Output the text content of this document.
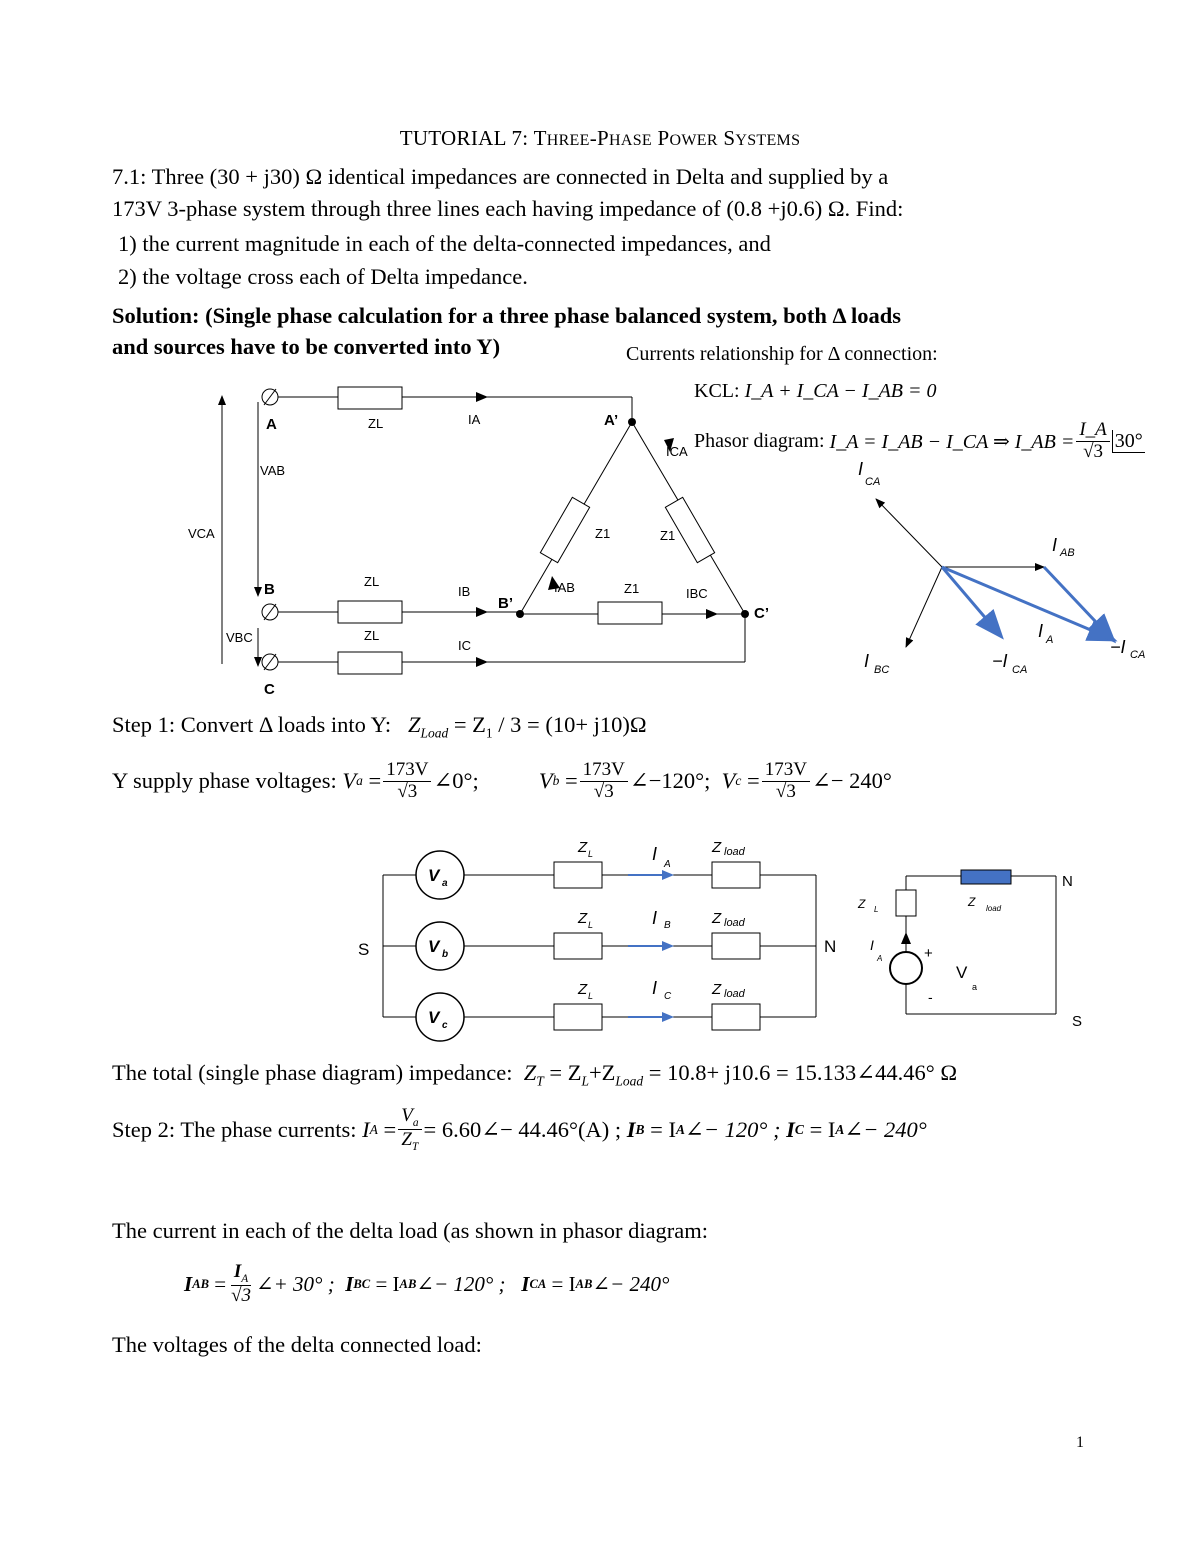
TUTORIAL 7: THREE-PHASE POWER SYSTEMS
7.1: Three (30 + j30) Ω identical impedances are connected in Delta and supplied by a
173V 3-phase system through three lines each having impedance of (0.8 +j0.6) Ω. Find:
1) the current magnitude in each of the delta-connected impedances, and
2) the voltage cross each of Delta impedance.
Solution: (Single phase calculation for a three phase balanced system, both Δ loads
and sources have to be converted into Y)	Currents relationship for Δ connection:
KCL: I_A + I_CA − I_AB = 0
Phasor diagram:
I_A = I_AB − I_CA ⇒ I_AB = $\frac{I\_A}{√3} 30^\circ$
A
B
C
A’
B’
C’
VAB
VCA
VBC
ZL
ZL
ZL
IA
IB
IC
ICA
IAB	IBC
Z1	Z1
Z1
I
CA
I AB
I A
I BC	−I CA
−I CA
Step 1: Convert Δ loads into Y: $Z_{Load} = Z_1 / 3 = (10+ j10)\Omega$
Y supply phase voltages:
V $a = \frac{173V}{√3}$ ∠0°;	V $b = \frac{173V}{√3}$ ∠−120°;
V $c = \frac{173V}{√3}$ ∠− 240°
S	N
V a
V b
V c
Z L
Z L
Z L
Z load
Z load
Z load
I
A
I B
I C
N
S
+
-
V
a
Z L
Z load
I
A
The total (single phase diagram) impedance: $Z_T = Z_L+Z_{Load} = 10.8+ j10.6$ = 15.133∠44.46° Ω
Step 2: The phase currents:
I $A = \frac{V_a}{Z_T}$ = 6.60∠− 44.46°(A) ;
I B
= I A ∠− 120° ;
I C
= I A ∠− 240°
The current in each of the delta load (as shown in phasor diagram:
I AB = $\frac{I_A}{√3}$ ∠+ 30° ;
I BC
= I AB ∠− 120° ;
I CA
= I AB ∠− 240°
The voltages of the delta connected load:
1
